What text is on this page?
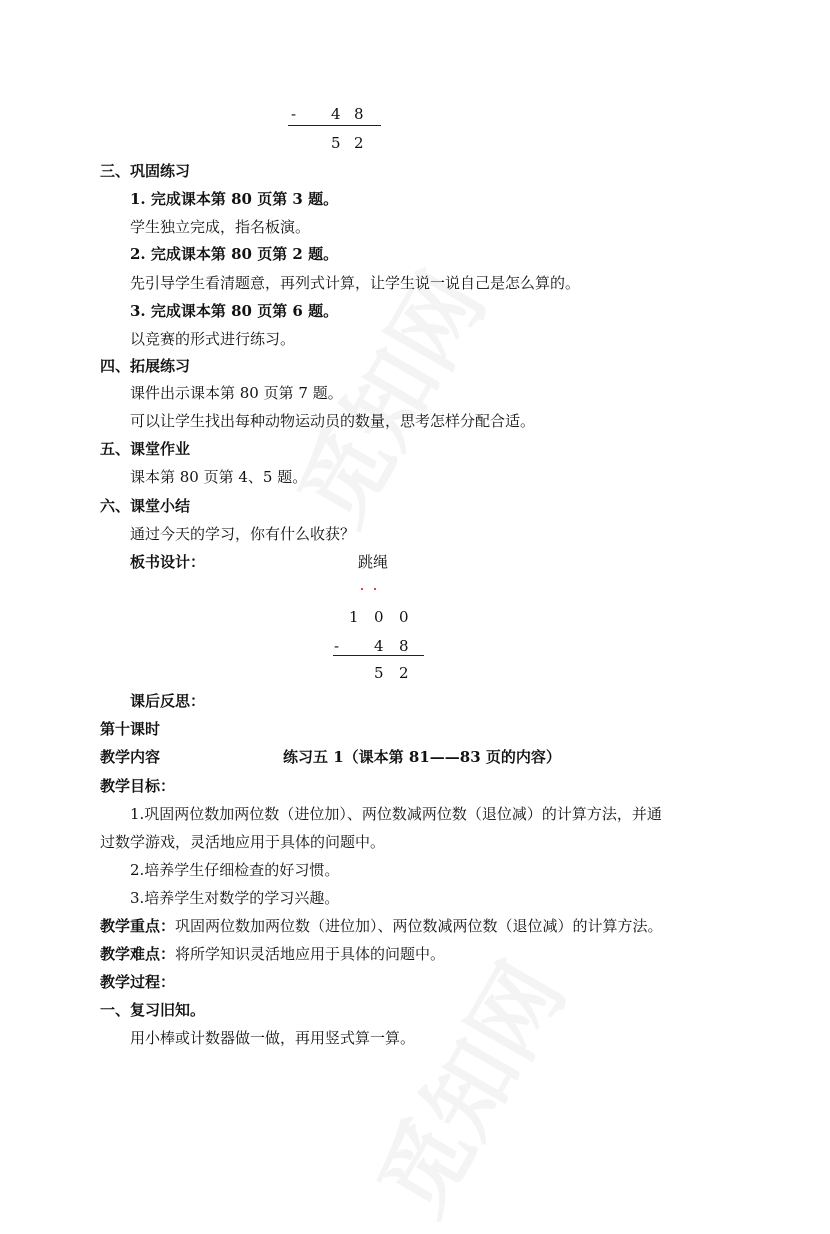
- 4 8
5 2
三、巩固练习
1. 完成课本第 80 页第 3 题。
学生独立完成，指名板演。
2. 完成课本第 80 页第 2 题。
先引导学生看清题意，再列式计算，让学生说一说自己是怎么算的。
3. 完成课本第 80 页第 6 题。
以竞赛的形式进行练习。
四、拓展练习
课件出示课本第 80 页第 7 题。
可以让学生找出每种动物运动员的数量，思考怎样分配合适。
五、课堂作业
课本第 80 页第 4、5 题。
六、课堂小结
通过今天的学习，你有什么收获？
板书设计：	跳绳
1 0 0
- 4 8
5 2
课后反思：
第十课时
教学内容	练习五 1（课本第 81——83 页的内容）
教学目标：
1.巩固两位数加两位数（进位加）、两位数减两位数（退位减）的计算方法，并通
过数学游戏，灵活地应用于具体的问题中。
2.培养学生仔细检查的好习惯。
3.培养学生对数学的学习兴趣。
教学重点：巩固两位数加两位数（进位加）、两位数减两位数（退位减）的计算方法。
教学难点：将所学知识灵活地应用于具体的问题中。
教学过程：
一、复习旧知。
用小棒或计数器做一做，再用竖式算一算。
